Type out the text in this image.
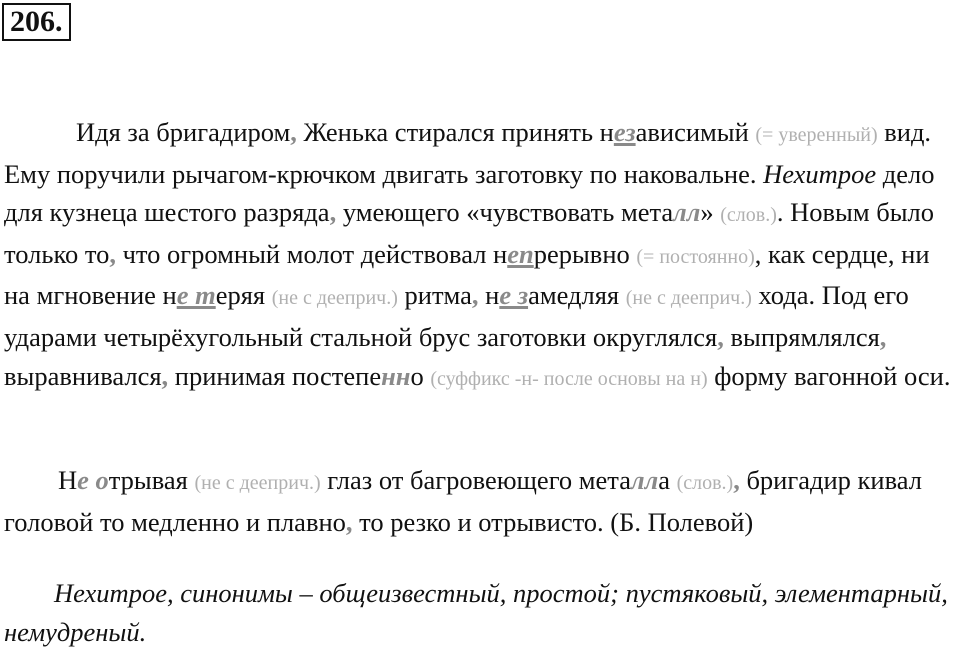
206.

Идя за бригадиром, Женька стирался принять независимый (= уверенный) вид. Ему поручили рычагом-крючком двигать заготовку по наковальне. Нехитрое дело для кузнеца шестого разряда, умеющего «чувствовать металл» (слов.). Новым было только то, что огромный молот действовал непрерывно (= постоянно), как сердце, ни на мгновение не теряя (не с дееприч.) ритма, не замедляя (не с дееприч.) хода. Под его ударами четырёхугольный стальной брус заготовки округлялся, выпрямлялся, выравнивался, принимая постепенно (суффикс -н- после основы на н) форму вагонной оси.

Не отрывая (не с дееприч.) глаз от багровеющего металла (слов.), бригадир кивал головой то медленно и плавно, то резко и отрывисто. (Б. Полевой)

Нехитрое, синонимы – общеизвестный, простой; пустяковый, элементарный, немудреный.
